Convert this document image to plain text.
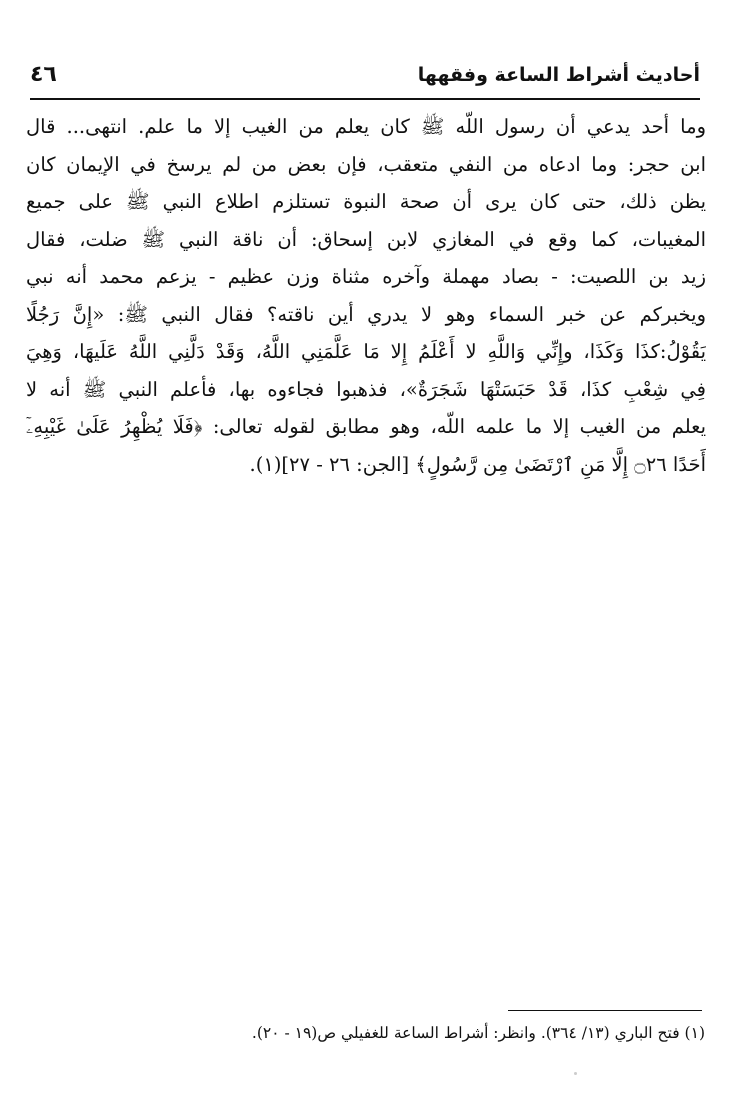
أحاديث أشراط الساعة وفقهها
٤٦
وما أحد يدعي أن رسول اللّه ﷺ كان يعلم من الغيب إلا ما علم. انتهى... قال
ابن حجر: وما ادعاه من النفي متعقب، فإن بعض من لم يرسخ في الإيمان كان
يظن ذلك، حتى كان يرى أن صحة النبوة تستلزم اطلاع النبي ﷺ على جميع
المغيبات، كما وقع في المغازي لابن إسحاق: أن ناقة النبي ﷺ ضلت، فقال
زيد بن اللصيت: - بصاد مهملة وآخره مثناة وزن عظيم - يزعم محمد أنه نبي
ويخبركم عن خبر السماء وهو لا يدري أين ناقته؟ فقال النبي ﷺ: «إِنَّ رَجُلًا
يَقُوْلُ:كذَا وَكَذَا، وإِنِّي وَاللَّهِ لا أَعْلَمُ إِلا مَا عَلَّمَنِي اللَّهُ، وَقَدْ دَلَّنِي اللَّهُ عَلَيهَا، وَهِيَ
فِي شِعْبِ كذَا، قَدْ حَبَسَتْهَا شَجَرَةٌ»، فذهبوا فجاءوه بها، فأعلم النبي ﷺ أنه لا
يعلم من الغيب إلا ما علمه اللّه، وهو مطابق لقوله تعالى: ﴿فَلَا يُظْهِرُ عَلَىٰ غَيْبِهِۦٓ
أَحَدًا ۝٢٦ إِلَّا مَنِ ٱرْتَضَىٰ مِن رَّسُولٍ﴾ [الجن: ٢٦ - ٢٧](١).
(١) فتح الباري (١٣/ ٣٦٤). وانظر: أشراط الساعة للغفيلي ص(١٩ - ٢٠).
